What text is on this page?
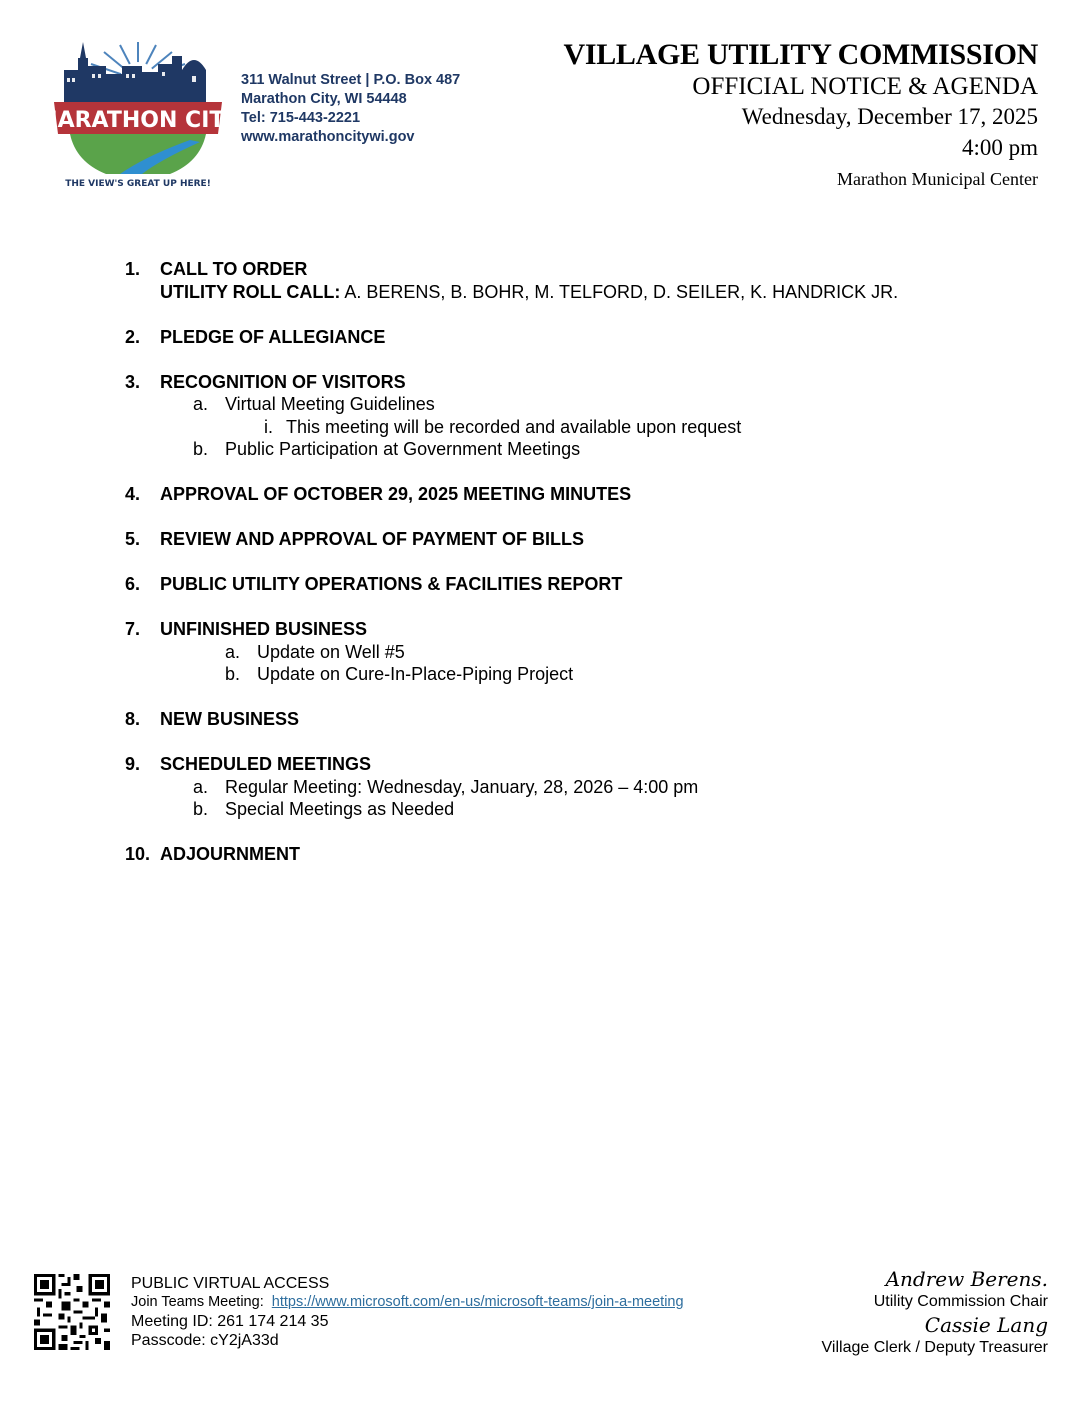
MARATHON CITY
THE VIEW'S GREAT UP HERE!
311 Walnut Street | P.O. Box 487
Marathon City, WI 54448
Tel: 715-443-2221
www.marathoncitywi.gov
VILLAGE UTILITY COMMISSION
OFFICIAL NOTICE & AGENDA
Wednesday, December 17, 2025
4:00 pm
Marathon Municipal Center
1.	CALL TO ORDER
UTILITY ROLL CALL: A. BERENS, B. BOHR, M. TELFORD, D. SEILER, K. HANDRICK JR.
2.	PLEDGE OF ALLEGIANCE
3.	RECOGNITION OF VISITORS
a. Virtual Meeting Guidelines
i. This meeting will be recorded and available upon request
b. Public Participation at Government Meetings
4.	APPROVAL OF OCTOBER 29, 2025 MEETING MINUTES
5.	REVIEW AND APPROVAL OF PAYMENT OF BILLS
6.	PUBLIC UTILITY OPERATIONS & FACILITIES REPORT
7.	UNFINISHED BUSINESS
a. Update on Well #5
b. Update on Cure-In-Place-Piping Project
8.	NEW BUSINESS
9.	SCHEDULED MEETINGS
a. Regular Meeting: Wednesday, January, 28, 2026 – 4:00 pm
b. Special Meetings as Needed
10. ADJOURNMENT
PUBLIC VIRTUAL ACCESS
Join Teams Meeting: https://www.microsoft.com/en-us/microsoft-teams/join-a-meeting
Meeting ID: 261 174 214 35
Passcode: cY2jA33d
Andrew Berens.
Utility Commission Chair
Cassie Lang
Village Clerk / Deputy Treasurer
